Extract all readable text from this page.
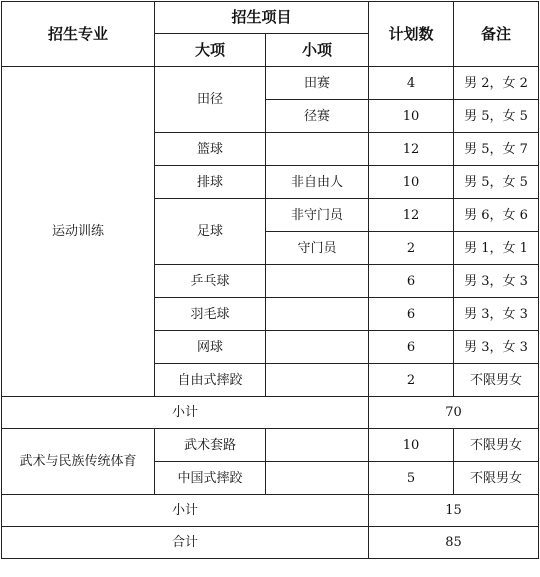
招生专业	招生项目		计划数	备注
	大项	小项		
运动训练	田径	田赛	4	男 2，女 2
		径赛	10	男 5，女 5
	篮球		12	男 5，女 7
	排球	非自由人	10	男 5，女 5
	足球	非守门员	12	男 6，女 6
		守门员	2	男 1，女 1
	乒乓球		6	男 3，女 3
	羽毛球		6	男 3，女 3
	网球		6	男 3，女 3
	自由式摔跤		2	不限男女
小计			70	
武术与民族传统体育	武术套路		10	不限男女
	中国式摔跤		5	不限男女
小计			15	
合计			85	
